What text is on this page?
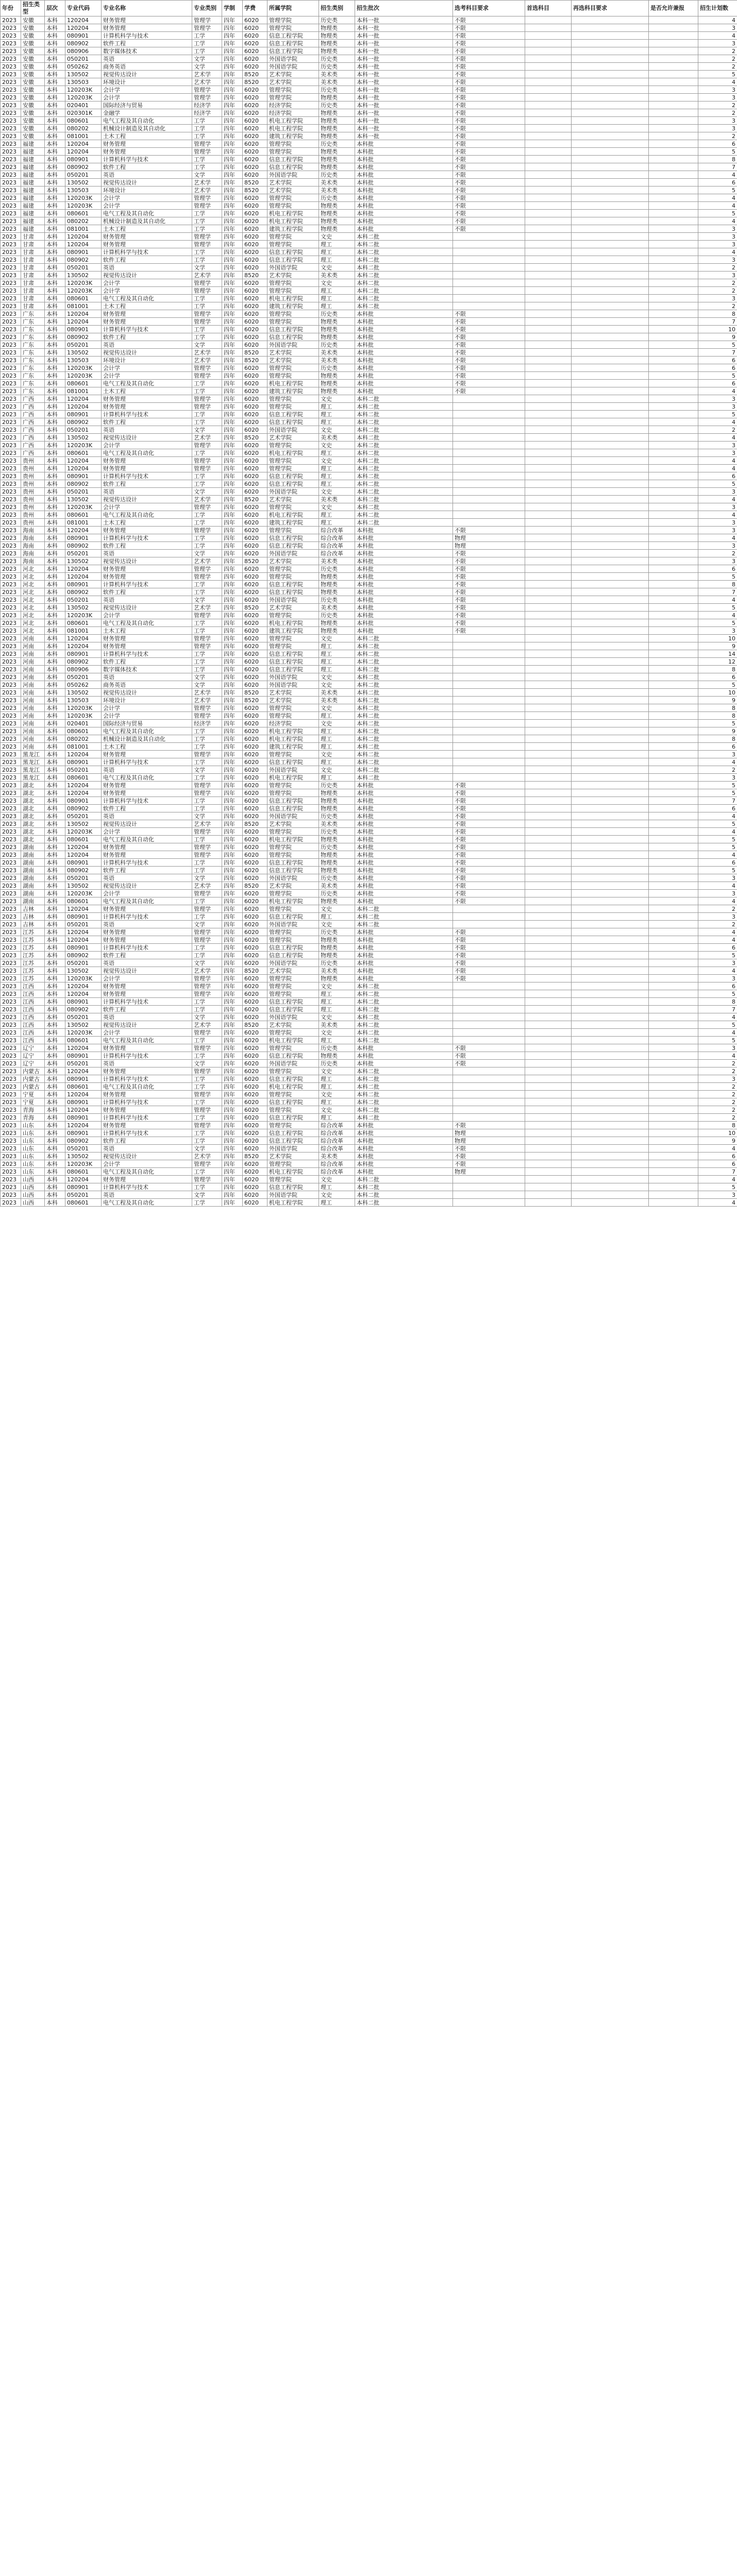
年份	招生类型	层次	专业代码	专业名称	专业类别	学制	学费	所属学院	招生类别	招生批次	选考科目要求	首选科目	再选科目要求	是否允许兼报	招生计划数
2023	安徽	本科	120204	财务管理	管理学	四年	6020	管理学院	历史类	本科一批	不限				4
2023	安徽	本科	120204	财务管理	管理学	四年	6020	管理学院	物理类	本科一批	不限				3
2023	安徽	本科	080901	计算机科学与技术	工学	四年	6020	信息工程学院	物理类	本科一批	不限				4
2023	安徽	本科	080902	软件工程	工学	四年	6020	信息工程学院	物理类	本科一批	不限				3
2023	安徽	本科	080906	数字媒体技术	工学	四年	6020	信息工程学院	物理类	本科一批	不限				2
2023	安徽	本科	050201	英语	文学	四年	6020	外国语学院	历史类	本科一批	不限				2
2023	安徽	本科	050262	商务英语	文学	四年	6020	外国语学院	历史类	本科一批	不限				2
2023	安徽	本科	130502	视觉传达设计	艺术学	四年	8520	艺术学院	美术类	本科一批	不限				5
2023	安徽	本科	130503	环境设计	艺术学	四年	8520	艺术学院	美术类	本科一批	不限				4
2023	安徽	本科	120203K	会计学	管理学	四年	6020	管理学院	历史类	本科一批	不限				3
2023	安徽	本科	120203K	会计学	管理学	四年	6020	管理学院	物理类	本科一批	不限				3
2023	安徽	本科	020401	国际经济与贸易	经济学	四年	6020	经济学院	历史类	本科一批	不限				2
2023	安徽	本科	020301K	金融学	经济学	四年	6020	经济学院	物理类	本科一批	不限				2
2023	安徽	本科	080601	电气工程及其自动化	工学	四年	6020	机电工程学院	物理类	本科一批	不限				3
2023	安徽	本科	080202	机械设计制造及其自动化	工学	四年	6020	机电工程学院	物理类	本科一批	不限				3
2023	安徽	本科	081001	土木工程	工学	四年	6020	建筑工程学院	物理类	本科一批	不限				2
2023	福建	本科	120204	财务管理	管理学	四年	6020	管理学院	历史类	本科批	不限				6
2023	福建	本科	120204	财务管理	管理学	四年	6020	管理学院	物理类	本科批	不限				5
2023	福建	本科	080901	计算机科学与技术	工学	四年	6020	信息工程学院	物理类	本科批	不限				8
2023	福建	本科	080902	软件工程	工学	四年	6020	信息工程学院	物理类	本科批	不限				7
2023	福建	本科	050201	英语	文学	四年	6020	外国语学院	历史类	本科批	不限				4
2023	福建	本科	130502	视觉传达设计	艺术学	四年	8520	艺术学院	美术类	本科批	不限				6
2023	福建	本科	130503	环境设计	艺术学	四年	8520	艺术学院	美术类	本科批	不限				5
2023	福建	本科	120203K	会计学	管理学	四年	6020	管理学院	历史类	本科批	不限				4
2023	福建	本科	120203K	会计学	管理学	四年	6020	管理学院	物理类	本科批	不限				4
2023	福建	本科	080601	电气工程及其自动化	工学	四年	6020	机电工程学院	物理类	本科批	不限				5
2023	福建	本科	080202	机械设计制造及其自动化	工学	四年	6020	机电工程学院	物理类	本科批	不限				4
2023	福建	本科	081001	土木工程	工学	四年	6020	建筑工程学院	物理类	本科批	不限				3
2023	甘肃	本科	120204	财务管理	管理学	四年	6020	管理学院	文史	本科二批					3
2023	甘肃	本科	120204	财务管理	管理学	四年	6020	管理学院	理工	本科二批					3
2023	甘肃	本科	080901	计算机科学与技术	工学	四年	6020	信息工程学院	理工	本科二批					4
2023	甘肃	本科	080902	软件工程	工学	四年	6020	信息工程学院	理工	本科二批					3
2023	甘肃	本科	050201	英语	文学	四年	6020	外国语学院	文史	本科二批					2
2023	甘肃	本科	130502	视觉传达设计	艺术学	四年	8520	艺术学院	美术类	本科二批					3
2023	甘肃	本科	120203K	会计学	管理学	四年	6020	管理学院	文史	本科二批					2
2023	甘肃	本科	120203K	会计学	管理学	四年	6020	管理学院	理工	本科二批					2
2023	甘肃	本科	080601	电气工程及其自动化	工学	四年	6020	机电工程学院	理工	本科二批					3
2023	甘肃	本科	081001	土木工程	工学	四年	6020	建筑工程学院	理工	本科二批					2
2023	广东	本科	120204	财务管理	管理学	四年	6020	管理学院	历史类	本科批	不限				8
2023	广东	本科	120204	财务管理	管理学	四年	6020	管理学院	物理类	本科批	不限				7
2023	广东	本科	080901	计算机科学与技术	工学	四年	6020	信息工程学院	物理类	本科批	不限				10
2023	广东	本科	080902	软件工程	工学	四年	6020	信息工程学院	物理类	本科批	不限				9
2023	广东	本科	050201	英语	文学	四年	6020	外国语学院	历史类	本科批	不限				5
2023	广东	本科	130502	视觉传达设计	艺术学	四年	8520	艺术学院	美术类	本科批	不限				7
2023	广东	本科	130503	环境设计	艺术学	四年	8520	艺术学院	美术类	本科批	不限				6
2023	广东	本科	120203K	会计学	管理学	四年	6020	管理学院	历史类	本科批	不限				6
2023	广东	本科	120203K	会计学	管理学	四年	6020	管理学院	物理类	本科批	不限				5
2023	广东	本科	080601	电气工程及其自动化	工学	四年	6020	机电工程学院	物理类	本科批	不限				6
2023	广东	本科	081001	土木工程	工学	四年	6020	建筑工程学院	物理类	本科批	不限				4
2023	广西	本科	120204	财务管理	管理学	四年	6020	管理学院	文史	本科二批					3
2023	广西	本科	120204	财务管理	管理学	四年	6020	管理学院	理工	本科二批					3
2023	广西	本科	080901	计算机科学与技术	工学	四年	6020	信息工程学院	理工	本科二批					5
2023	广西	本科	080902	软件工程	工学	四年	6020	信息工程学院	理工	本科二批					4
2023	广西	本科	050201	英语	文学	四年	6020	外国语学院	文史	本科二批					2
2023	广西	本科	130502	视觉传达设计	艺术学	四年	8520	艺术学院	美术类	本科二批					4
2023	广西	本科	120203K	会计学	管理学	四年	6020	管理学院	文史	本科二批					3
2023	广西	本科	080601	电气工程及其自动化	工学	四年	6020	机电工程学院	理工	本科二批					3
2023	贵州	本科	120204	财务管理	管理学	四年	6020	管理学院	文史	本科二批					4
2023	贵州	本科	120204	财务管理	管理学	四年	6020	管理学院	理工	本科二批					4
2023	贵州	本科	080901	计算机科学与技术	工学	四年	6020	信息工程学院	理工	本科二批					6
2023	贵州	本科	080902	软件工程	工学	四年	6020	信息工程学院	理工	本科二批					5
2023	贵州	本科	050201	英语	文学	四年	6020	外国语学院	文史	本科二批					3
2023	贵州	本科	130502	视觉传达设计	艺术学	四年	8520	艺术学院	美术类	本科二批					4
2023	贵州	本科	120203K	会计学	管理学	四年	6020	管理学院	文史	本科二批					3
2023	贵州	本科	080601	电气工程及其自动化	工学	四年	6020	机电工程学院	理工	本科二批					4
2023	贵州	本科	081001	土木工程	工学	四年	6020	建筑工程学院	理工	本科二批					3
2023	海南	本科	120204	财务管理	管理学	四年	6020	管理学院	综合改革	本科批	不限				3
2023	海南	本科	080901	计算机科学与技术	工学	四年	6020	信息工程学院	综合改革	本科批	物理				4
2023	海南	本科	080902	软件工程	工学	四年	6020	信息工程学院	综合改革	本科批	物理				3
2023	海南	本科	050201	英语	文学	四年	6020	外国语学院	综合改革	本科批	不限				2
2023	海南	本科	130502	视觉传达设计	艺术学	四年	8520	艺术学院	美术类	本科批	不限				3
2023	河北	本科	120204	财务管理	管理学	四年	6020	管理学院	历史类	本科批	不限				6
2023	河北	本科	120204	财务管理	管理学	四年	6020	管理学院	物理类	本科批	不限				5
2023	河北	本科	080901	计算机科学与技术	工学	四年	6020	信息工程学院	物理类	本科批	不限				8
2023	河北	本科	080902	软件工程	工学	四年	6020	信息工程学院	物理类	本科批	不限				7
2023	河北	本科	050201	英语	文学	四年	6020	外国语学院	历史类	本科批	不限				4
2023	河北	本科	130502	视觉传达设计	艺术学	四年	8520	艺术学院	美术类	本科批	不限				5
2023	河北	本科	120203K	会计学	管理学	四年	6020	管理学院	历史类	本科批	不限				4
2023	河北	本科	080601	电气工程及其自动化	工学	四年	6020	机电工程学院	物理类	本科批	不限				5
2023	河北	本科	081001	土木工程	工学	四年	6020	建筑工程学院	物理类	本科批	不限				3
2023	河南	本科	120204	财务管理	管理学	四年	6020	管理学院	文史	本科二批					10
2023	河南	本科	120204	财务管理	管理学	四年	6020	管理学院	理工	本科二批					9
2023	河南	本科	080901	计算机科学与技术	工学	四年	6020	信息工程学院	理工	本科二批					14
2023	河南	本科	080902	软件工程	工学	四年	6020	信息工程学院	理工	本科二批					12
2023	河南	本科	080906	数字媒体技术	工学	四年	6020	信息工程学院	理工	本科二批					8
2023	河南	本科	050201	英语	文学	四年	6020	外国语学院	文史	本科二批					6
2023	河南	本科	050262	商务英语	文学	四年	6020	外国语学院	文史	本科二批					5
2023	河南	本科	130502	视觉传达设计	艺术学	四年	8520	艺术学院	美术类	本科二批					10
2023	河南	本科	130503	环境设计	艺术学	四年	8520	艺术学院	美术类	本科二批					9
2023	河南	本科	120203K	会计学	管理学	四年	6020	管理学院	文史	本科二批					8
2023	河南	本科	120203K	会计学	管理学	四年	6020	管理学院	理工	本科二批					8
2023	河南	本科	020401	国际经济与贸易	经济学	四年	6020	经济学院	文史	本科二批					5
2023	河南	本科	080601	电气工程及其自动化	工学	四年	6020	机电工程学院	理工	本科二批					9
2023	河南	本科	080202	机械设计制造及其自动化	工学	四年	6020	机电工程学院	理工	本科二批					8
2023	河南	本科	081001	土木工程	工学	四年	6020	建筑工程学院	理工	本科二批					6
2023	黑龙江	本科	120204	财务管理	管理学	四年	6020	管理学院	文史	本科二批					3
2023	黑龙江	本科	080901	计算机科学与技术	工学	四年	6020	信息工程学院	理工	本科二批					4
2023	黑龙江	本科	050201	英语	文学	四年	6020	外国语学院	文史	本科二批					2
2023	黑龙江	本科	080601	电气工程及其自动化	工学	四年	6020	机电工程学院	理工	本科二批					3
2023	湖北	本科	120204	财务管理	管理学	四年	6020	管理学院	历史类	本科批	不限				5
2023	湖北	本科	120204	财务管理	管理学	四年	6020	管理学院	物理类	本科批	不限				5
2023	湖北	本科	080901	计算机科学与技术	工学	四年	6020	信息工程学院	物理类	本科批	不限				7
2023	湖北	本科	080902	软件工程	工学	四年	6020	信息工程学院	物理类	本科批	不限				6
2023	湖北	本科	050201	英语	文学	四年	6020	外国语学院	历史类	本科批	不限				4
2023	湖北	本科	130502	视觉传达设计	艺术学	四年	8520	艺术学院	美术类	本科批	不限				5
2023	湖北	本科	120203K	会计学	管理学	四年	6020	管理学院	历史类	本科批	不限				4
2023	湖北	本科	080601	电气工程及其自动化	工学	四年	6020	机电工程学院	物理类	本科批	不限				5
2023	湖南	本科	120204	财务管理	管理学	四年	6020	管理学院	历史类	本科批	不限				5
2023	湖南	本科	120204	财务管理	管理学	四年	6020	管理学院	物理类	本科批	不限				4
2023	湖南	本科	080901	计算机科学与技术	工学	四年	6020	信息工程学院	物理类	本科批	不限				6
2023	湖南	本科	080902	软件工程	工学	四年	6020	信息工程学院	物理类	本科批	不限				5
2023	湖南	本科	050201	英语	文学	四年	6020	外国语学院	历史类	本科批	不限				3
2023	湖南	本科	130502	视觉传达设计	艺术学	四年	8520	艺术学院	美术类	本科批	不限				4
2023	湖南	本科	120203K	会计学	管理学	四年	6020	管理学院	历史类	本科批	不限				3
2023	湖南	本科	080601	电气工程及其自动化	工学	四年	6020	机电工程学院	物理类	本科批	不限				4
2023	吉林	本科	120204	财务管理	管理学	四年	6020	管理学院	文史	本科二批					2
2023	吉林	本科	080901	计算机科学与技术	工学	四年	6020	信息工程学院	理工	本科二批					3
2023	吉林	本科	050201	英语	文学	四年	6020	外国语学院	文史	本科二批					2
2023	江苏	本科	120204	财务管理	管理学	四年	6020	管理学院	历史类	本科批	不限				4
2023	江苏	本科	120204	财务管理	管理学	四年	6020	管理学院	物理类	本科批	不限				4
2023	江苏	本科	080901	计算机科学与技术	工学	四年	6020	信息工程学院	物理类	本科批	不限				6
2023	江苏	本科	080902	软件工程	工学	四年	6020	信息工程学院	物理类	本科批	不限				5
2023	江苏	本科	050201	英语	文学	四年	6020	外国语学院	历史类	本科批	不限				3
2023	江苏	本科	130502	视觉传达设计	艺术学	四年	8520	艺术学院	美术类	本科批	不限				4
2023	江苏	本科	120203K	会计学	管理学	四年	6020	管理学院	物理类	本科批	不限				3
2023	江西	本科	120204	财务管理	管理学	四年	6020	管理学院	文史	本科二批					6
2023	江西	本科	120204	财务管理	管理学	四年	6020	管理学院	理工	本科二批					5
2023	江西	本科	080901	计算机科学与技术	工学	四年	6020	信息工程学院	理工	本科二批					8
2023	江西	本科	080902	软件工程	工学	四年	6020	信息工程学院	理工	本科二批					7
2023	江西	本科	050201	英语	文学	四年	6020	外国语学院	文史	本科二批					4
2023	江西	本科	130502	视觉传达设计	艺术学	四年	8520	艺术学院	美术类	本科二批					5
2023	江西	本科	120203K	会计学	管理学	四年	6020	管理学院	文史	本科二批					4
2023	江西	本科	080601	电气工程及其自动化	工学	四年	6020	机电工程学院	理工	本科二批					5
2023	辽宁	本科	120204	财务管理	管理学	四年	6020	管理学院	历史类	本科批	不限				3
2023	辽宁	本科	080901	计算机科学与技术	工学	四年	6020	信息工程学院	物理类	本科批	不限				4
2023	辽宁	本科	050201	英语	文学	四年	6020	外国语学院	历史类	本科批	不限				2
2023	内蒙古	本科	120204	财务管理	管理学	四年	6020	管理学院	文史	本科二批					2
2023	内蒙古	本科	080901	计算机科学与技术	工学	四年	6020	信息工程学院	理工	本科二批					3
2023	内蒙古	本科	080601	电气工程及其自动化	工学	四年	6020	机电工程学院	理工	本科二批					2
2023	宁夏	本科	120204	财务管理	管理学	四年	6020	管理学院	文史	本科二批					2
2023	宁夏	本科	080901	计算机科学与技术	工学	四年	6020	信息工程学院	理工	本科二批					2
2023	青海	本科	120204	财务管理	管理学	四年	6020	管理学院	文史	本科二批					2
2023	青海	本科	080901	计算机科学与技术	工学	四年	6020	信息工程学院	理工	本科二批					2
2023	山东	本科	120204	财务管理	管理学	四年	6020	管理学院	综合改革	本科批	不限				8
2023	山东	本科	080901	计算机科学与技术	工学	四年	6020	信息工程学院	综合改革	本科批	物理				10
2023	山东	本科	080902	软件工程	工学	四年	6020	信息工程学院	综合改革	本科批	物理				9
2023	山东	本科	050201	英语	文学	四年	6020	外国语学院	综合改革	本科批	不限				4
2023	山东	本科	130502	视觉传达设计	艺术学	四年	8520	艺术学院	美术类	本科批	不限				6
2023	山东	本科	120203K	会计学	管理学	四年	6020	管理学院	综合改革	本科批	不限				6
2023	山东	本科	080601	电气工程及其自动化	工学	四年	6020	机电工程学院	综合改革	本科批	物理				7
2023	山西	本科	120204	财务管理	管理学	四年	6020	管理学院	文史	本科二批					4
2023	山西	本科	080901	计算机科学与技术	工学	四年	6020	信息工程学院	理工	本科二批					5
2023	山西	本科	050201	英语	文学	四年	6020	外国语学院	文史	本科二批					3
2023	山西	本科	080601	电气工程及其自动化	工学	四年	6020	机电工程学院	理工	本科二批					4
